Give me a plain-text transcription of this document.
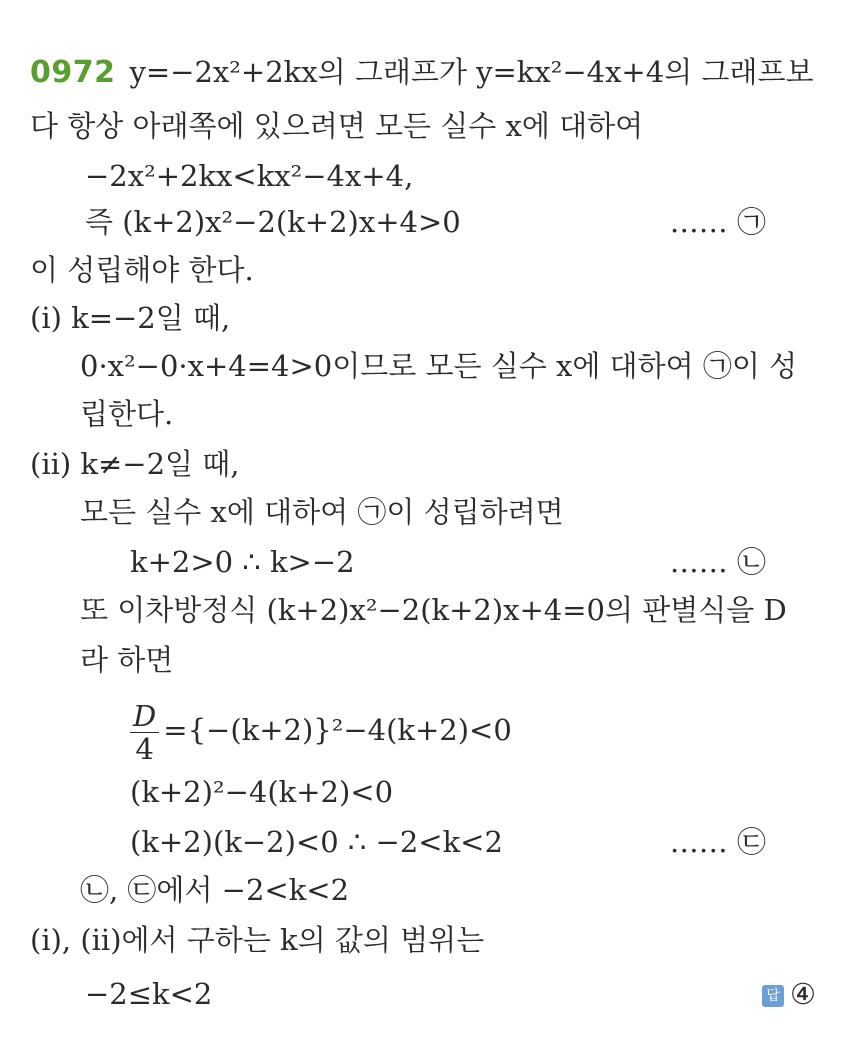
0972 y=−2x²+2kx의 그래프가 y=kx²−4x+4의 그래프보
다 항상 아래쪽에 있으려면 모든 실수 x에 대하여
−2x²+2kx<kx²−4x+4,
즉 (k+2)x²−2(k+2)x+4>0	…… ㉠
이 성립해야 한다.
(i) k=−2일 때,
0·x²−0·x+4=4>0이므로 모든 실수 x에 대하여 ㉠이 성
립한다.
(ii) k≠−2일 때,
모든 실수 x에 대하여 ㉠이 성립하려면
k+2>0 ∴ k>−2	…… ㉡
또 이차방정식 (k+2)x²−2(k+2)x+4=0의 판별식을 D
라 하면
$\frac{D}{4} =\{-(k+2)\}^2-4(k+2)<0$
(k+2)²−4(k+2)<0
(k+2)(k−2)<0 ∴ −2<k<2	…… ㉢
㉡, ㉢에서 −2<k<2
(i), (ii)에서 구하는 k의 값의 범위는
−2≤k<2	답 ④
